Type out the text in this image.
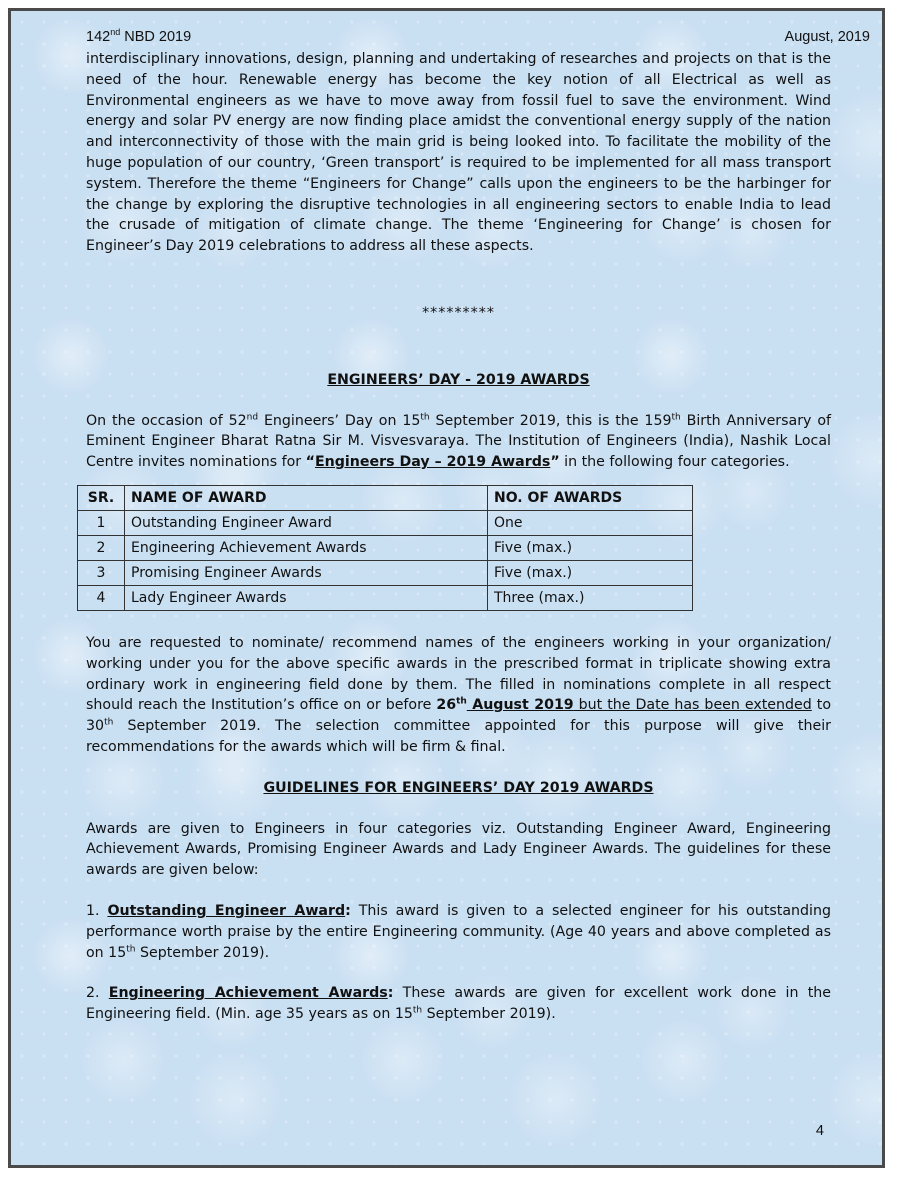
142nd NBD 2019	August, 2019

interdisciplinary innovations, design, planning and undertaking of researches and projects on that is the need of the hour. Renewable energy has become the key notion of all Electrical as well as Environmental engineers as we have to move away from fossil fuel to save the environment. Wind energy and solar PV energy are now finding place amidst the conventional energy supply of the nation and interconnectivity of those with the main grid is being looked into. To facilitate the mobility of the huge population of our country, ‘Green transport’ is required to be implemented for all mass transport system. Therefore the theme “Engineers for Change” calls upon the engineers to be the harbinger for the change by exploring the disruptive technologies in all engineering sectors to enable India to lead the crusade of mitigation of climate change. The theme ‘Engineering for Change’ is chosen for Engineer’s Day 2019 celebrations to address all these aspects.

*********
ENGINEERS’ DAY - 2019 AWARDS

On the occasion of 52nd Engineers’ Day on 15th September 2019, this is the 159th Birth Anniversary of Eminent Engineer Bharat Ratna Sir M. Visvesvaraya. The Institution of Engineers (India), Nashik Local Centre invites nominations for “Engineers Day – 2019 Awards” in the following four categories.

SR.	NAME OF AWARD	NO. OF AWARDS
1	Outstanding Engineer Award	One
2	Engineering Achievement Awards	Five (max.)
3	Promising Engineer Awards	Five (max.)
4	Lady Engineer Awards	Three (max.)

You are requested to nominate/ recommend names of the engineers working in your organization/ working under you for the above specific awards in the prescribed format in triplicate showing extra ordinary work in engineering field done by them. The filled in nominations complete in all respect should reach the Institution’s office on or before 26th August 2019 but the Date has been extended to 30th September 2019. The selection committee appointed for this purpose will give their recommendations for the awards which will be firm & final.

GUIDELINES FOR ENGINEERS’ DAY 2019 AWARDS

Awards are given to Engineers in four categories viz. Outstanding Engineer Award, Engineering Achievement Awards, Promising Engineer Awards and Lady Engineer Awards. The guidelines for these awards are given below:

1. Outstanding Engineer Award: This award is given to a selected engineer for his outstanding performance worth praise by the entire Engineering community. (Age 40 years and above completed as on 15th September 2019).

2. Engineering Achievement Awards: These awards are given for excellent work done in the Engineering field. (Min. age 35 years as on 15th September 2019).

4
